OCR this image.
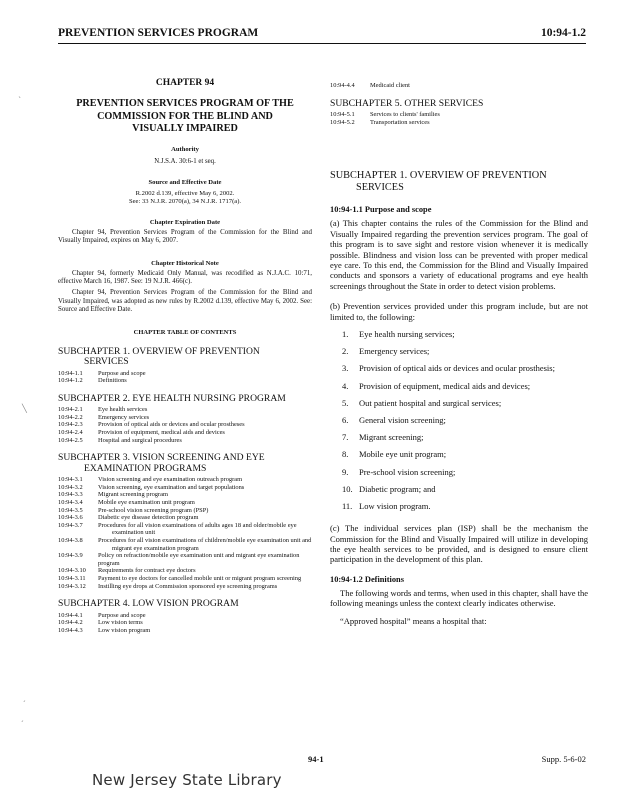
PREVENTION SERVICES PROGRAM	10:94-1.2
CHAPTER 94
PREVENTION SERVICES PROGRAM OF THE
COMMISSION FOR THE BLIND AND
VISUALLY IMPAIRED
Authority
N.J.S.A. 30:6-1 et seq.
Source and Effective Date
R.2002 d.139, effective May 6, 2002.
See: 33 N.J.R. 2070(a), 34 N.J.R. 1717(a).
Chapter Expiration Date
Chapter 94, Prevention Services Program of the Commission for the Blind and Visually Impaired, expires on May 6, 2007.
Chapter Historical Note
Chapter 94, formerly Medicaid Only Manual, was recodified as N.J.A.C. 10:71, effective March 16, 1987. See: 19 N.J.R. 466(c).
Chapter 94, Prevention Services Program of the Commission for the Blind and Visually Impaired, was adopted as new rules by R.2002 d.139, effective May 6, 2002. See: Source and Effective Date.
CHAPTER TABLE OF CONTENTS
SUBCHAPTER 1. OVERVIEW OF PREVENTION
SERVICES
10:94-1.1	Purpose and scope
10:94-1.2	Definitions
SUBCHAPTER 2. EYE HEALTH NURSING PROGRAM
10:94-2.1	Eye health services
10:94-2.2	Emergency services
10:94-2.3	Provision of optical aids or devices and ocular prostheses
10:94-2.4	Provision of equipment, medical aids and devices
10:94-2.5	Hospital and surgical procedures
SUBCHAPTER 3. VISION SCREENING AND EYE
EXAMINATION PROGRAMS
10:94-3.1	Vision screening and eye examination outreach program
10:94-3.2	Vision screening, eye examination and target populations
10:94-3.3	Migrant screening program
10:94-3.4	Mobile eye examination unit program
10:94-3.5	Pre-school vision screening program (PSP)
10:94-3.6	Diabetic eye disease detection program
10:94-3.7	Procedures for all vision examinations of adults ages 18 and older/mobile eye examination unit
10:94-3.8	Procedures for all vision examinations of children/mobile eye examination unit and migrant eye examination program
10:94-3.9	Policy on refraction/mobile eye examination unit and migrant eye examination program
10:94-3.10	Requirements for contract eye doctors
10:94-3.11	Payment to eye doctors for cancelled mobile unit or migrant program screening
10:94-3.12	Instilling eye drops at Commission sponsored eye screening programs
SUBCHAPTER 4. LOW VISION PROGRAM
10:94-4.1	Purpose and scope
10:94-4.2	Low vision terms
10:94-4.3	Low vision program
10:94-4.4	Medicaid client
SUBCHAPTER 5. OTHER SERVICES
10:94-5.1	Services to clients' families
10:94-5.2	Transportation services
SUBCHAPTER 1. OVERVIEW OF PREVENTION
SERVICES
10:94-1.1 Purpose and scope
(a) This chapter contains the rules of the Commission for the Blind and Visually Impaired regarding the prevention services program. The goal of this program is to save sight and restore vision whenever it is medically possible. Blindness and vision loss can be prevented with proper medical eye care. To this end, the Commission for the Blind and Visually Impaired conducts and sponsors a variety of educational programs and eye health screenings throughout the State in order to detect vision problems.
(b) Prevention services provided under this program include, but are not limited to, the following:
1.	Eye health nursing services;
2.	Emergency services;
3. Provision of optical aids or devices and ocular prosthesis;
4.	Provision of equipment, medical aids and devices;
5.	Out patient hospital and surgical services;
6.	General vision screening;
7.	Migrant screening;
8.	Mobile eye unit program;
9.	Pre-school vision screening;
10. Diabetic program; and
11. Low vision program.
(c) The individual services plan (ISP) shall be the mechanism the Commission for the Blind and Visually Impaired will utilize in developing the eye health services to be provided, and is designed to ensure client participation in the development of this plan.
10:94-1.2 Definitions
The following words and terms, when used in this chapter, shall have the following meanings unless the context clearly indicates otherwise.
“Approved hospital” means a hospital that:
94-1	Supp. 5-6-02
New Jersey State Library
ˋ
╲
ˊ
ˊ
